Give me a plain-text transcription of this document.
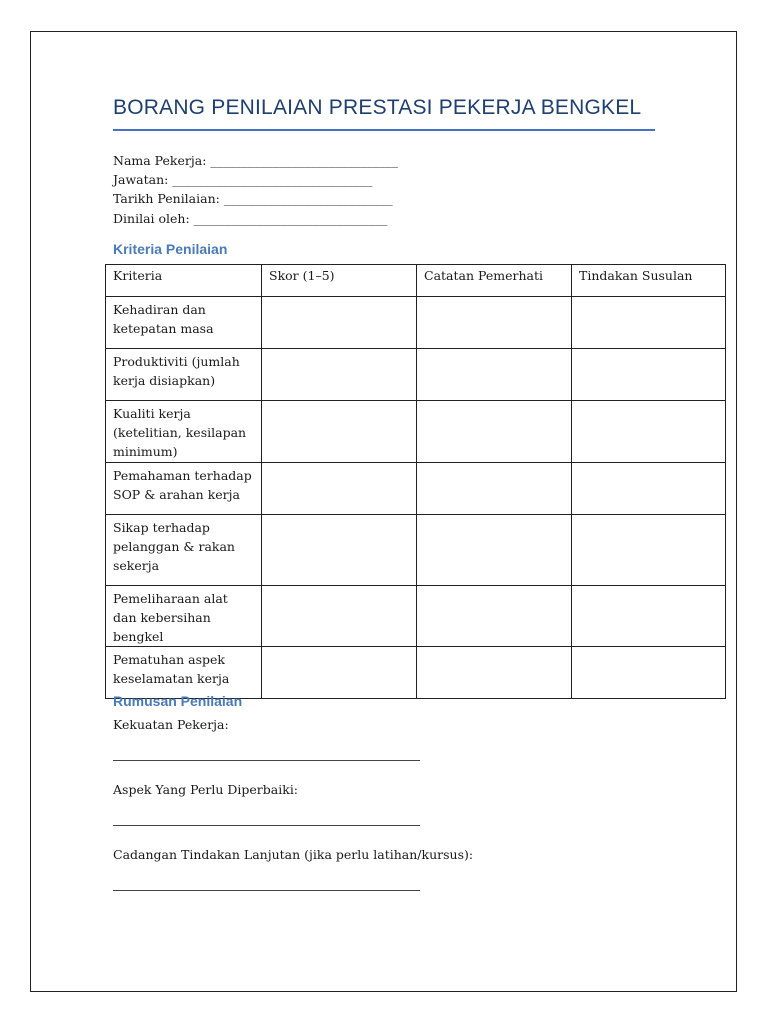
BORANG PENILAIAN PRESTASI PEKERJA BENGKEL
Nama Pekerja: ______________________________
Jawatan: ________________________________
Tarikh Penilaian: ___________________________
Dinilai oleh: _______________________________
Kriteria Penilaian
Kriteria	Skor (1–5)	Catatan Pemerhati	Tindakan Susulan
Kehadiran dan ketepatan masa			
Produktiviti (jumlah kerja disiapkan)			
Kualiti kerja (ketelitian, kesilapan minimum)			
Pemahaman terhadap SOP & arahan kerja			
Sikap terhadap pelanggan & rakan sekerja			
Pemeliharaan alat dan kebersihan bengkel			
Pematuhan aspek keselamatan kerja			
Rumusan Penilaian
Kekuatan Pekerja:
Aspek Yang Perlu Diperbaiki:
Cadangan Tindakan Lanjutan (jika perlu latihan/kursus):
